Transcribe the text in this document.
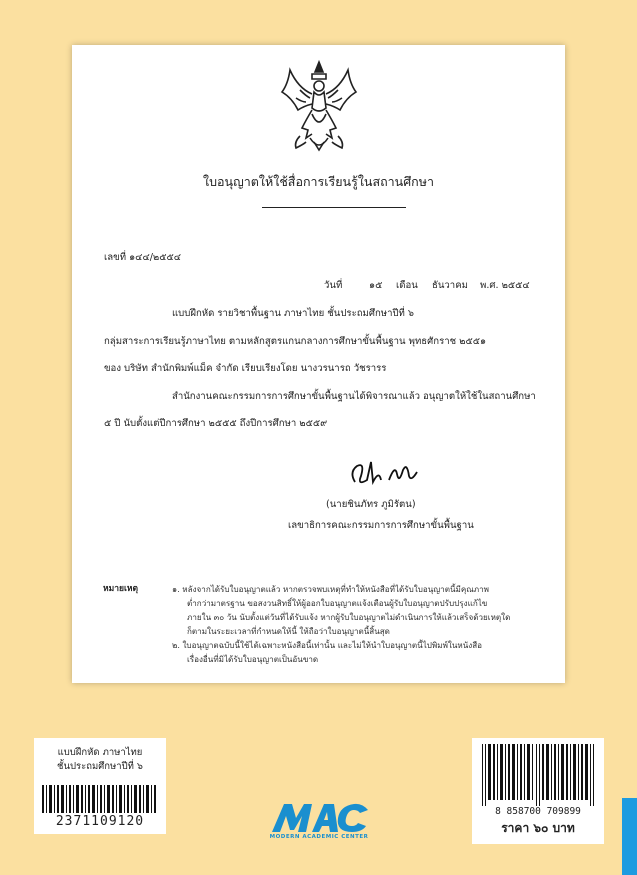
ใบอนุญาตให้ใช้สื่อการเรียนรู้ในสถานศึกษา
เลขที่ ๑๔๔/๒๕๕๔
วันที่	๑๕ เดือน ธันวาคม พ.ศ. ๒๕๕๔
แบบฝึกหัด รายวิชาพื้นฐาน ภาษาไทย ชั้นประถมศึกษาปีที่ ๖
กลุ่มสาระการเรียนรู้ภาษาไทย ตามหลักสูตรแกนกลางการศึกษาขั้นพื้นฐาน พุทธศักราช ๒๕๕๑
ของ บริษัท สำนักพิมพ์แม็ค จำกัด เรียบเรียงโดย นางวรนารถ วัชรารร
สำนักงานคณะกรรมการการศึกษาขั้นพื้นฐานได้พิจารณาแล้ว อนุญาตให้ใช้ในสถานศึกษา
๕ ปี นับตั้งแต่ปีการศึกษา ๒๕๕๕ ถึงปีการศึกษา ๒๕๕๙
(นายชินภัทร ภูมิรัตน)
เลขาธิการคณะกรรมการการศึกษาขั้นพื้นฐาน
หมายเหตุ	๑. หลังจากได้รับใบอนุญาตแล้ว หากตรวจพบเหตุที่ทำให้หนังสือที่ได้รับใบอนุญาตนี้มีคุณภาพ
ต่ำกว่ามาตรฐาน ขอสงวนสิทธิ์ให้ผู้ออกใบอนุญาตแจ้งเตือนผู้รับใบอนุญาตปรับปรุงแก้ไข
ภายใน ๓๐ วัน นับตั้งแต่วันที่ได้รับแจ้ง หากผู้รับใบอนุญาตไม่ดำเนินการให้แล้วเสร็จด้วยเหตุใด
ก็ตามในระยะเวลาที่กำหนดให้นี้ ให้ถือว่าใบอนุญาตนี้สิ้นสุด
๒. ใบอนุญาตฉบับนี้ใช้ได้เฉพาะหนังสือนี้เท่านั้น และไม่ให้นำใบอนุญาตนี้ไปพิมพ์ในหนังสือ
เรื่องอื่นที่มิได้รับใบอนุญาตเป็นอันขาด
แบบฝึกหัด ภาษาไทย
ชั้นประถมศึกษาปีที่ ๖
2371109120
MODERN ACADEMIC CENTER
8 858700 709899
ราคา ๖๐ บาท
